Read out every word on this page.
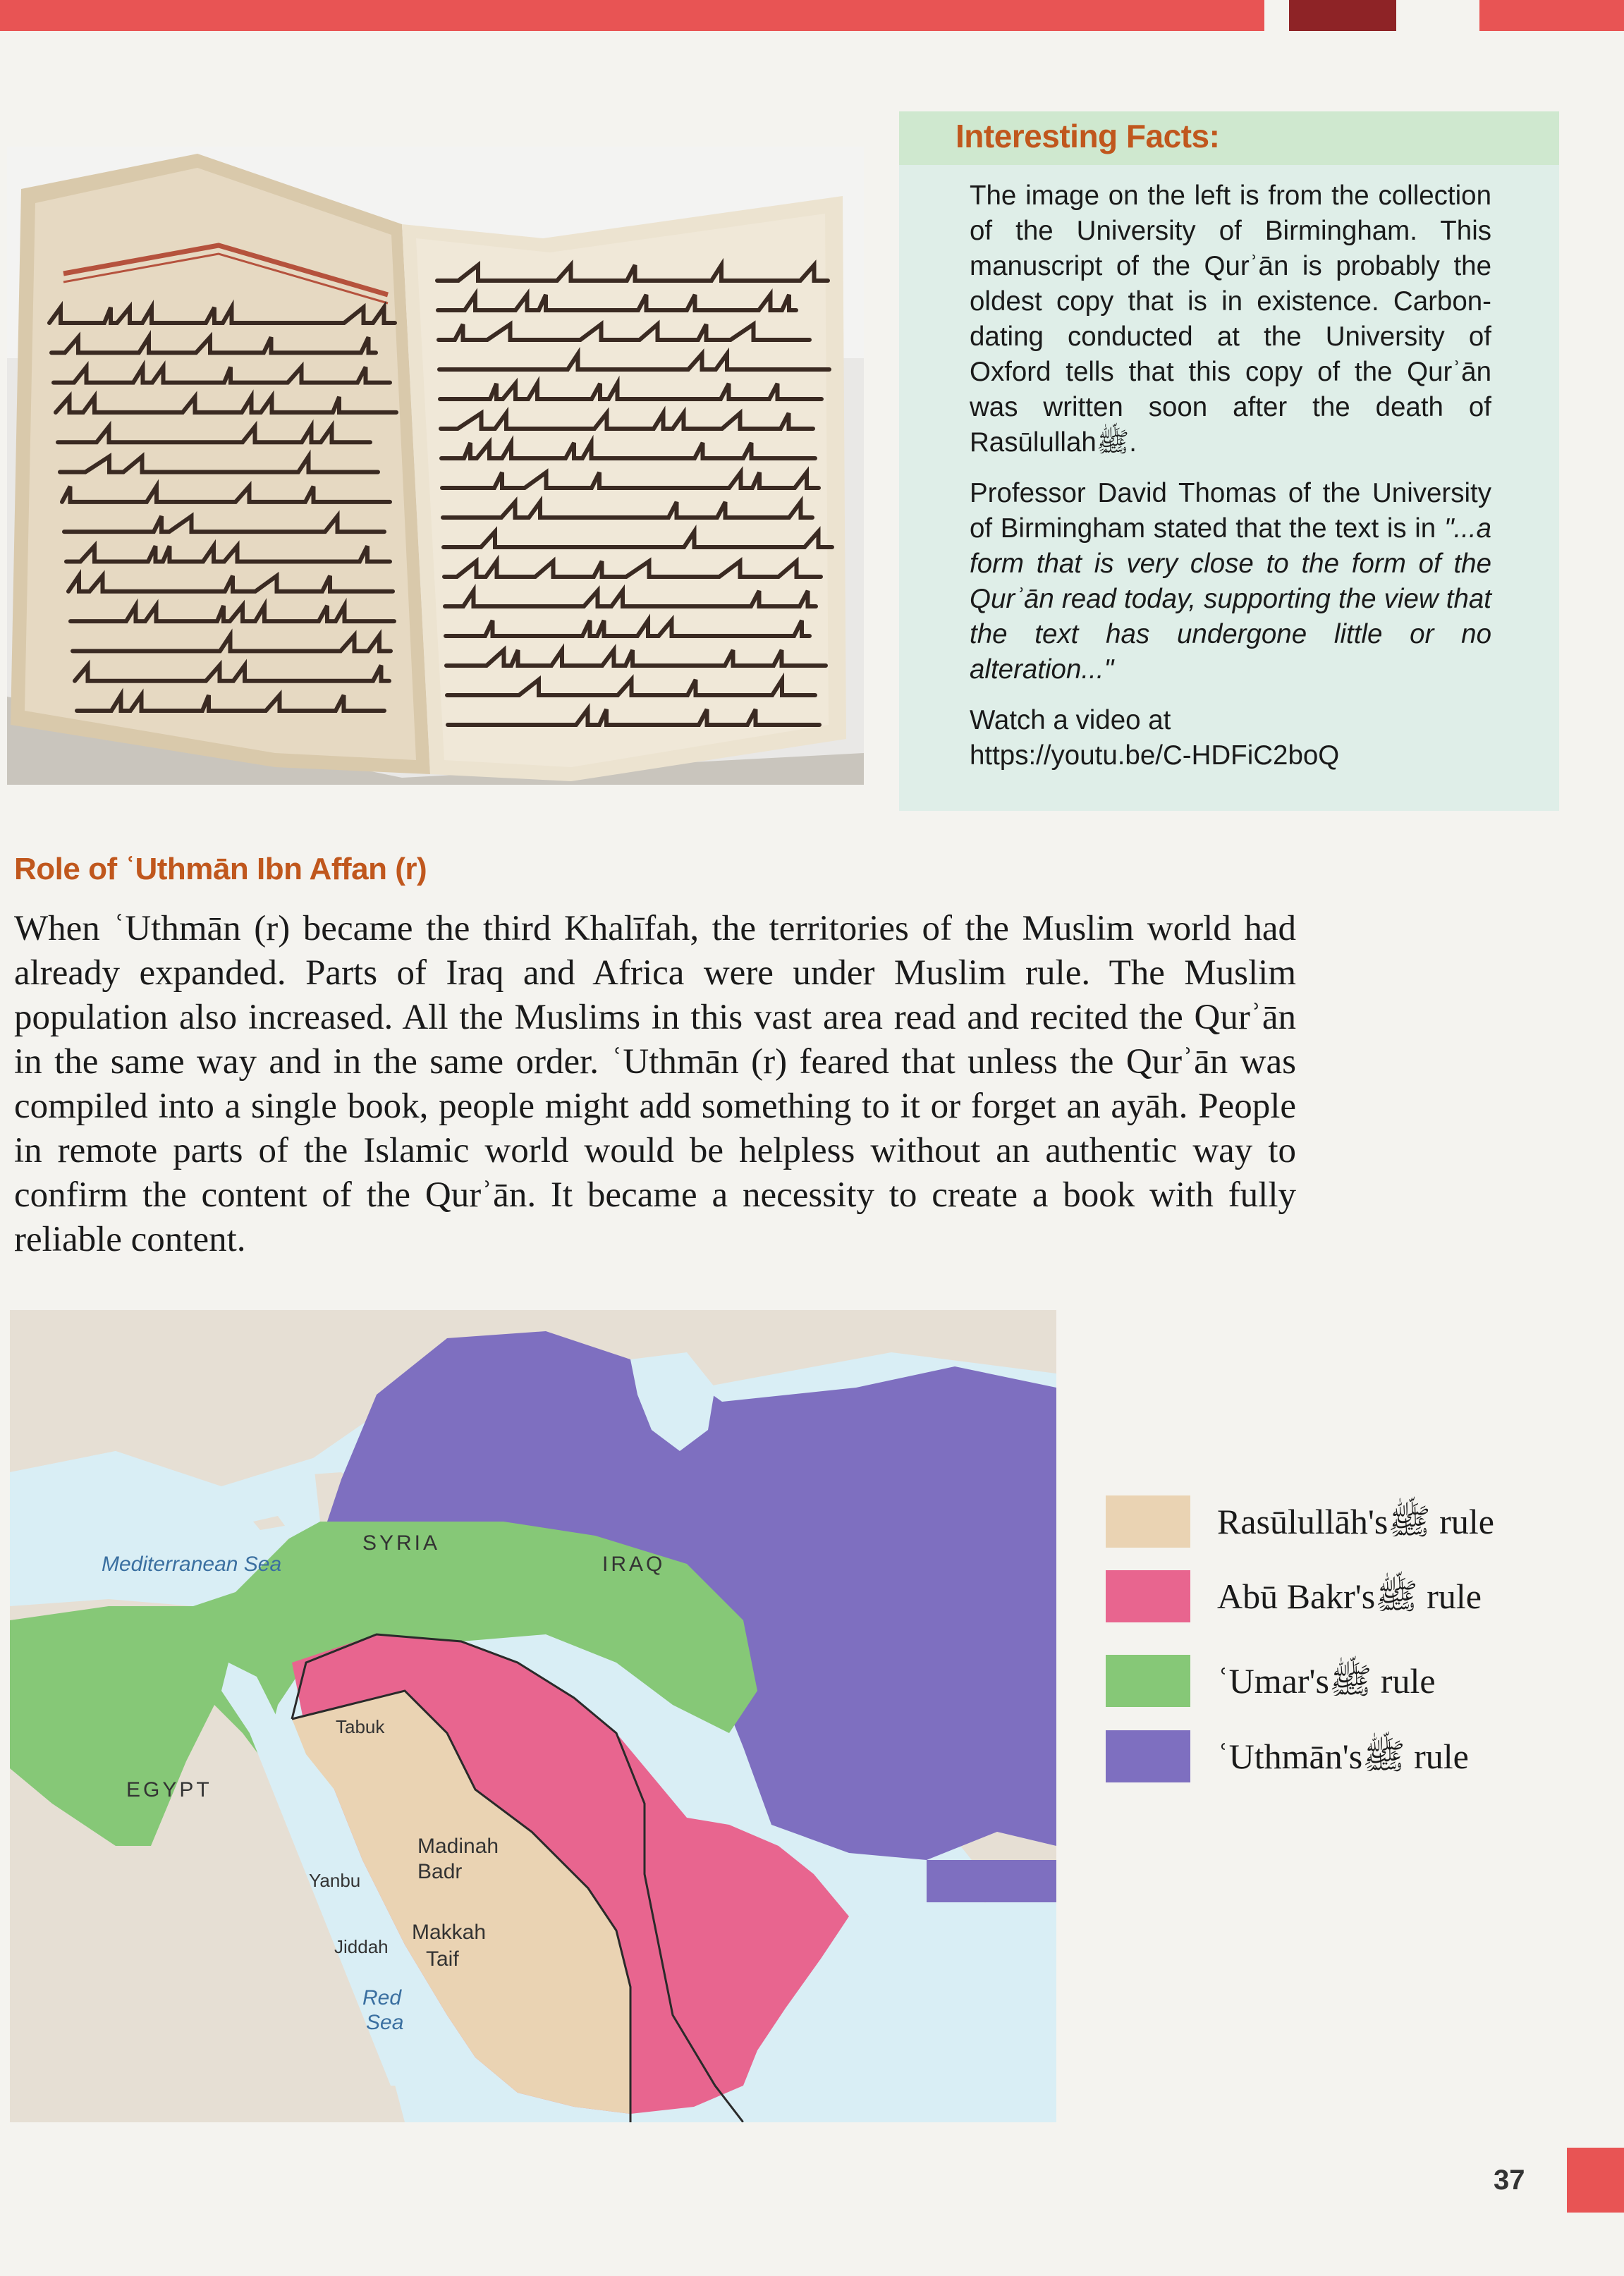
Interesting Facts:

The image on the left is from the collection of the University of Birmingham. This manuscript of the Qurʾān is probably the oldest copy that is in existence. Carbon-dating conducted at the University of Oxford tells that this copy of the Qurʾān was written soon after the death of Rasūlullahﷺ.

Professor David Thomas of the University of Birmingham stated that the text is in "...a form that is very close to the form of the Qurʾān read today, supporting the view that the text has undergone little or no alteration..."

Watch a video at
https://youtu.be/C-HDFiC2boQ

Role of ʿUthmān Ibn Affan (r)

When ʿUthmān (r) became the third Khalīfah, the territories of the Muslim world had already expanded. Parts of Iraq and Africa were under Muslim rule. The Muslim population also increased. All the Muslims in this vast area read and recited the Qurʾān in the same way and in the same order. ʿUthmān (r) feared that unless the Qurʾān was compiled into a single book, people might add something to it or forget an ayāh. People in remote parts of the Islamic world would be helpless without an authentic way to confirm the content of the Qurʾān. It became a necessity to create a book with fully reliable content.

Mediterranean Sea
SYRIA
IRAQ
EGYPT
Tabuk
Madinah
Badr
Yanbu
Jiddah
Makkah
Taif
Red
Sea
Rasūlullāh'sﷺ rule
Abū Bakr'sﷺ rule
ʿUmar'sﷺ rule
ʿUthmān'sﷺ rule

37
